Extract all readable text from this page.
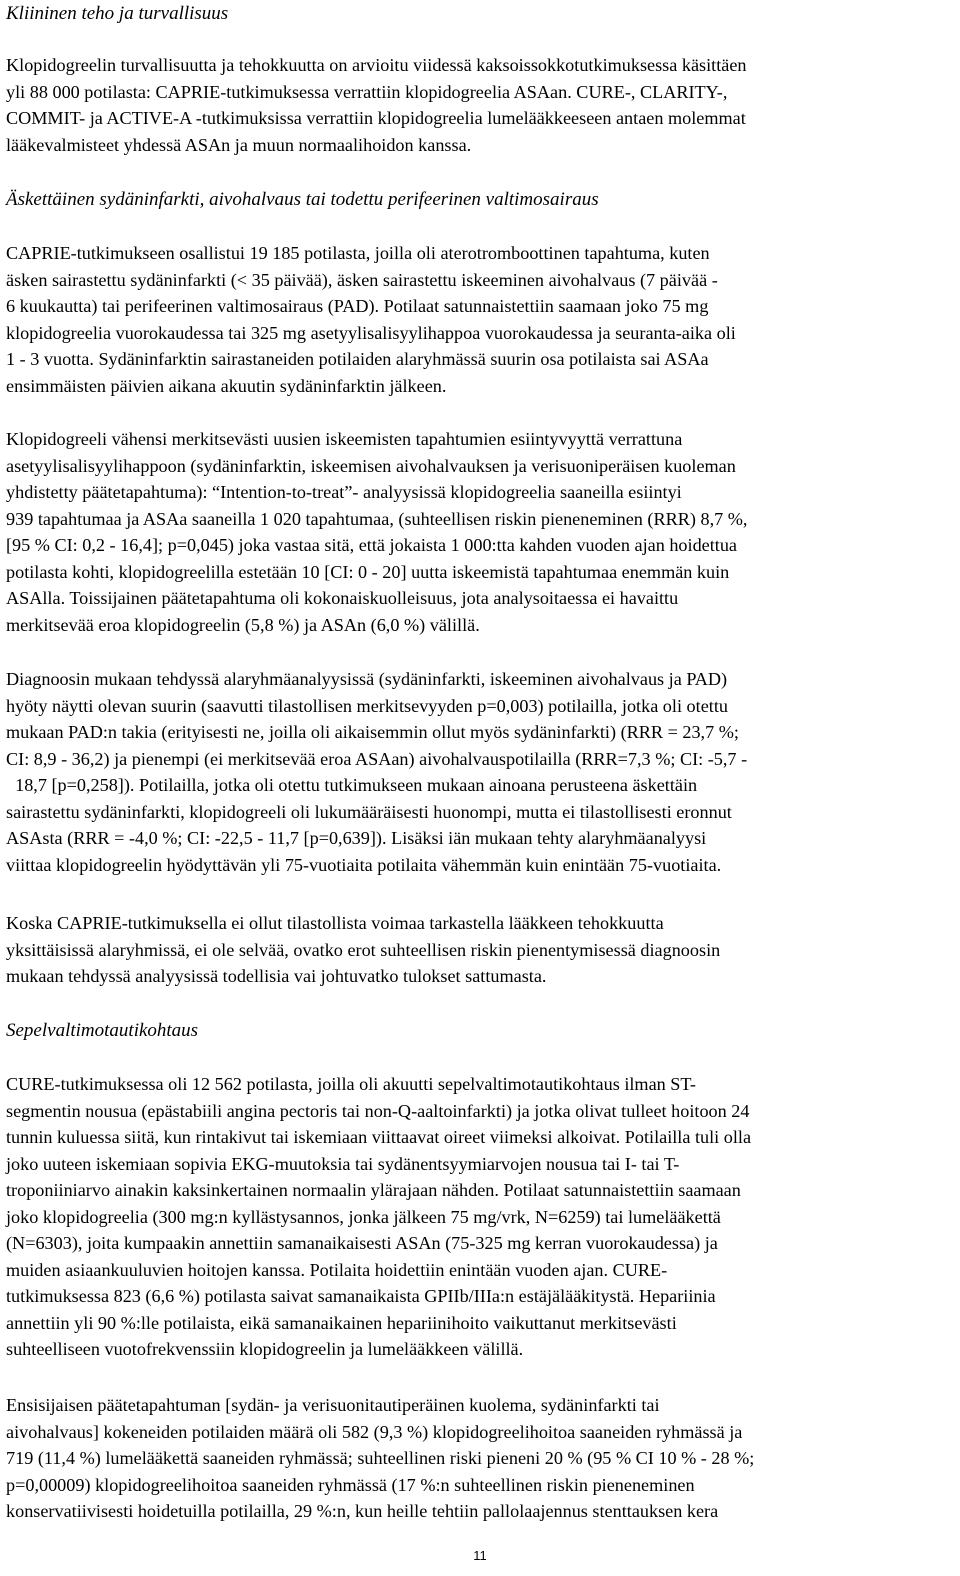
Kliininen teho ja turvallisuus

Klopidogreelin turvallisuutta ja tehokkuutta on arvioitu viidessä kaksoissokkotutkimuksessa käsittäen
yli 88 000 potilasta: CAPRIE-tutkimuksessa verrattiin klopidogreelia ASAan. CURE-, CLARITY-,
COMMIT- ja ACTIVE-A -tutkimuksissa verrattiin klopidogreelia lumelääkkeeseen antaen molemmat
lääkevalmisteet yhdessä ASAn ja muun normaalihoidon kanssa.

Äskettäinen sydäninfarkti, aivohalvaus tai todettu perifeerinen valtimosairaus

CAPRIE-tutkimukseen osallistui 19 185 potilasta, joilla oli aterotromboottinen tapahtuma, kuten
äsken sairastettu sydäninfarkti (< 35 päivää), äsken sairastettu iskeeminen aivohalvaus (7 päivää -
6 kuukautta) tai perifeerinen valtimosairaus (PAD). Potilaat satunnaistettiin saamaan joko 75 mg
klopidogreelia vuorokaudessa tai 325 mg asetyylisalisyylihappoa vuorokaudessa ja seuranta-aika oli
1 - 3 vuotta. Sydäninfarktin sairastaneiden potilaiden alaryhmässä suurin osa potilaista sai ASAa
ensimmäisten päivien aikana akuutin sydäninfarktin jälkeen.

Klopidogreeli vähensi merkitsevästi uusien iskeemisten tapahtumien esiintyvyyttä verrattuna
asetyylisalisyylihappoon (sydäninfarktin, iskeemisen aivohalvauksen ja verisuoniperäisen kuoleman
yhdistetty päätetapahtuma): “Intention-to-treat”- analyysissä klopidogreelia saaneilla esiintyi
939 tapahtumaa ja ASAa saaneilla 1 020 tapahtumaa, (suhteellisen riskin pieneneminen (RRR) 8,7 %,
[95 % CI: 0,2 - 16,4]; p=0,045) joka vastaa sitä, että jokaista 1 000:tta kahden vuoden ajan hoidettua
potilasta kohti, klopidogreelilla estetään 10 [CI: 0 - 20] uutta iskeemistä tapahtumaa enemmän kuin
ASAlla. Toissijainen päätetapahtuma oli kokonaiskuolleisuus, jota analysoitaessa ei havaittu
merkitsevää eroa klopidogreelin (5,8 %) ja ASAn (6,0 %) välillä.

Diagnoosin mukaan tehdyssä alaryhmäanalyysissä (sydäninfarkti, iskeeminen aivohalvaus ja PAD)
hyöty näytti olevan suurin (saavutti tilastollisen merkitsevyyden p=0,003) potilailla, jotka oli otettu
mukaan PAD:n takia (erityisesti ne, joilla oli aikaisemmin ollut myös sydäninfarkti) (RRR = 23,7 %;
CI: 8,9 - 36,2) ja pienempi (ei merkitsevää eroa ASAan) aivohalvauspotilailla (RRR=7,3 %; CI: -5,7 -
18,7 [p=0,258]). Potilailla, jotka oli otettu tutkimukseen mukaan ainoana perusteena äskettäin
sairastettu sydäninfarkti, klopidogreeli oli lukumääräisesti huonompi, mutta ei tilastollisesti eronnut
ASAsta (RRR = -4,0 %; CI: -22,5 - 11,7 [p=0,639]). Lisäksi iän mukaan tehty alaryhmäanalyysi
viittaa klopidogreelin hyödyttävän yli 75-vuotiaita potilaita vähemmän kuin enintään 75-vuotiaita.

Koska CAPRIE-tutkimuksella ei ollut tilastollista voimaa tarkastella lääkkeen tehokkuutta
yksittäisissä alaryhmissä, ei ole selvää, ovatko erot suhteellisen riskin pienentymisessä diagnoosin
mukaan tehdyssä analyysissä todellisia vai johtuvatko tulokset sattumasta.

Sepelvaltimotautikohtaus

CURE-tutkimuksessa oli 12 562 potilasta, joilla oli akuutti sepelvaltimotautikohtaus ilman ST-
segmentin nousua (epästabiili angina pectoris tai non-Q-aaltoinfarkti) ja jotka olivat tulleet hoitoon 24
tunnin kuluessa siitä, kun rintakivut tai iskemiaan viittaavat oireet viimeksi alkoivat. Potilailla tuli olla
joko uuteen iskemiaan sopivia EKG-muutoksia tai sydänentsyymiarvojen nousua tai I- tai T-
troponiiniarvo ainakin kaksinkertainen normaalin ylärajaan nähden. Potilaat satunnaistettiin saamaan
joko klopidogreelia (300 mg:n kyllästysannos, jonka jälkeen 75 mg/vrk, N=6259) tai lumelääkettä
(N=6303), joita kumpaakin annettiin samanaikaisesti ASAn (75-325 mg kerran vuorokaudessa) ja
muiden asiaankuuluvien hoitojen kanssa. Potilaita hoidettiin enintään vuoden ajan. CURE-
tutkimuksessa 823 (6,6 %) potilasta saivat samanaikaista GPIIb/IIIa:n estäjälääkitystä. Hepariinia
annettiin yli 90 %:lle potilaista, eikä samanaikainen hepariinihoito vaikuttanut merkitsevästi
suhteelliseen vuotofrekvenssiin klopidogreelin ja lumelääkkeen välillä.

Ensisijaisen päätetapahtuman [sydän- ja verisuonitautiperäinen kuolema, sydäninfarkti tai
aivohalvaus] kokeneiden potilaiden määrä oli 582 (9,3 %) klopidogreelihoitoa saaneiden ryhmässä ja
719 (11,4 %) lumelääkettä saaneiden ryhmässä; suhteellinen riski pieneni 20 % (95 % CI 10 % - 28 %;
p=0,00009) klopidogreelihoitoa saaneiden ryhmässä (17 %:n suhteellinen riskin pieneneminen
konservatiivisesti hoidetuilla potilailla, 29 %:n, kun heille tehtiin pallolaajennus stenttauksen kera

11
